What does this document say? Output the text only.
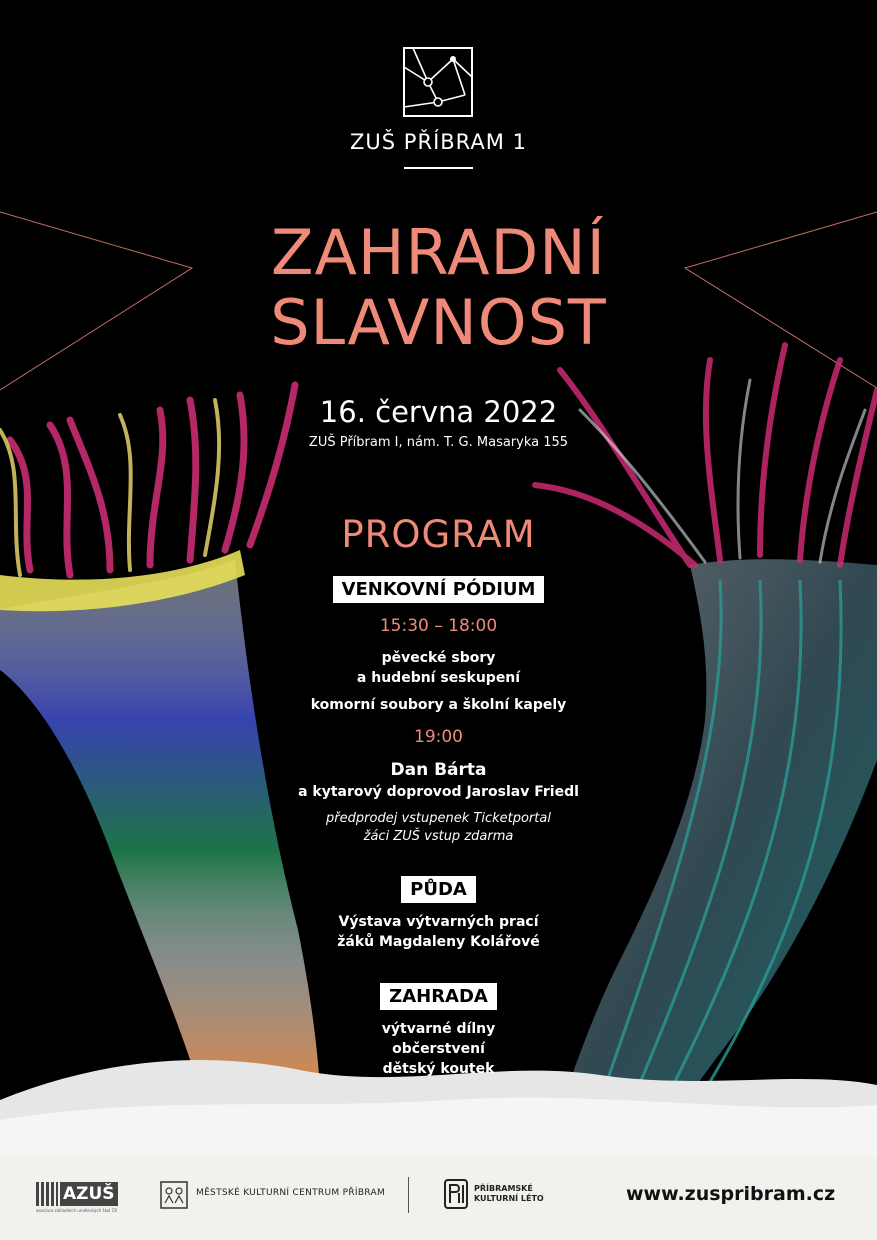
ZUŠ PŘÍBRAM 1
ZAHRADNÍ
SLAVNOST
16. června 2022
ZUŠ Příbram I, nám. T. G. Masaryka 155
PROGRAM
VENKOVNÍ PÓDIUM
15:30 – 18:00
pěvecké sbory
a hudební seskupení
komorní soubory a školní kapely
19:00
Dan Bárta
a kytarový doprovod Jaroslav Friedl
předprodej vstupenek Ticketportal
žáci ZUŠ vstup zdarma
PŮDA
Výstava výtvarných prací
žáků Magdaleny Kolářové
ZAHRADA
výtvarné dílny
občerstvení
dětský koutek
AZUŠ
asociace základních uměleckých škol ČR
MĚSTSKÉ KULTURNÍ CENTRUM PŘÍBRAM	PŘÍBRAMSKÉ
KULTURNÍ LÉTO	www.zuspribram.cz
